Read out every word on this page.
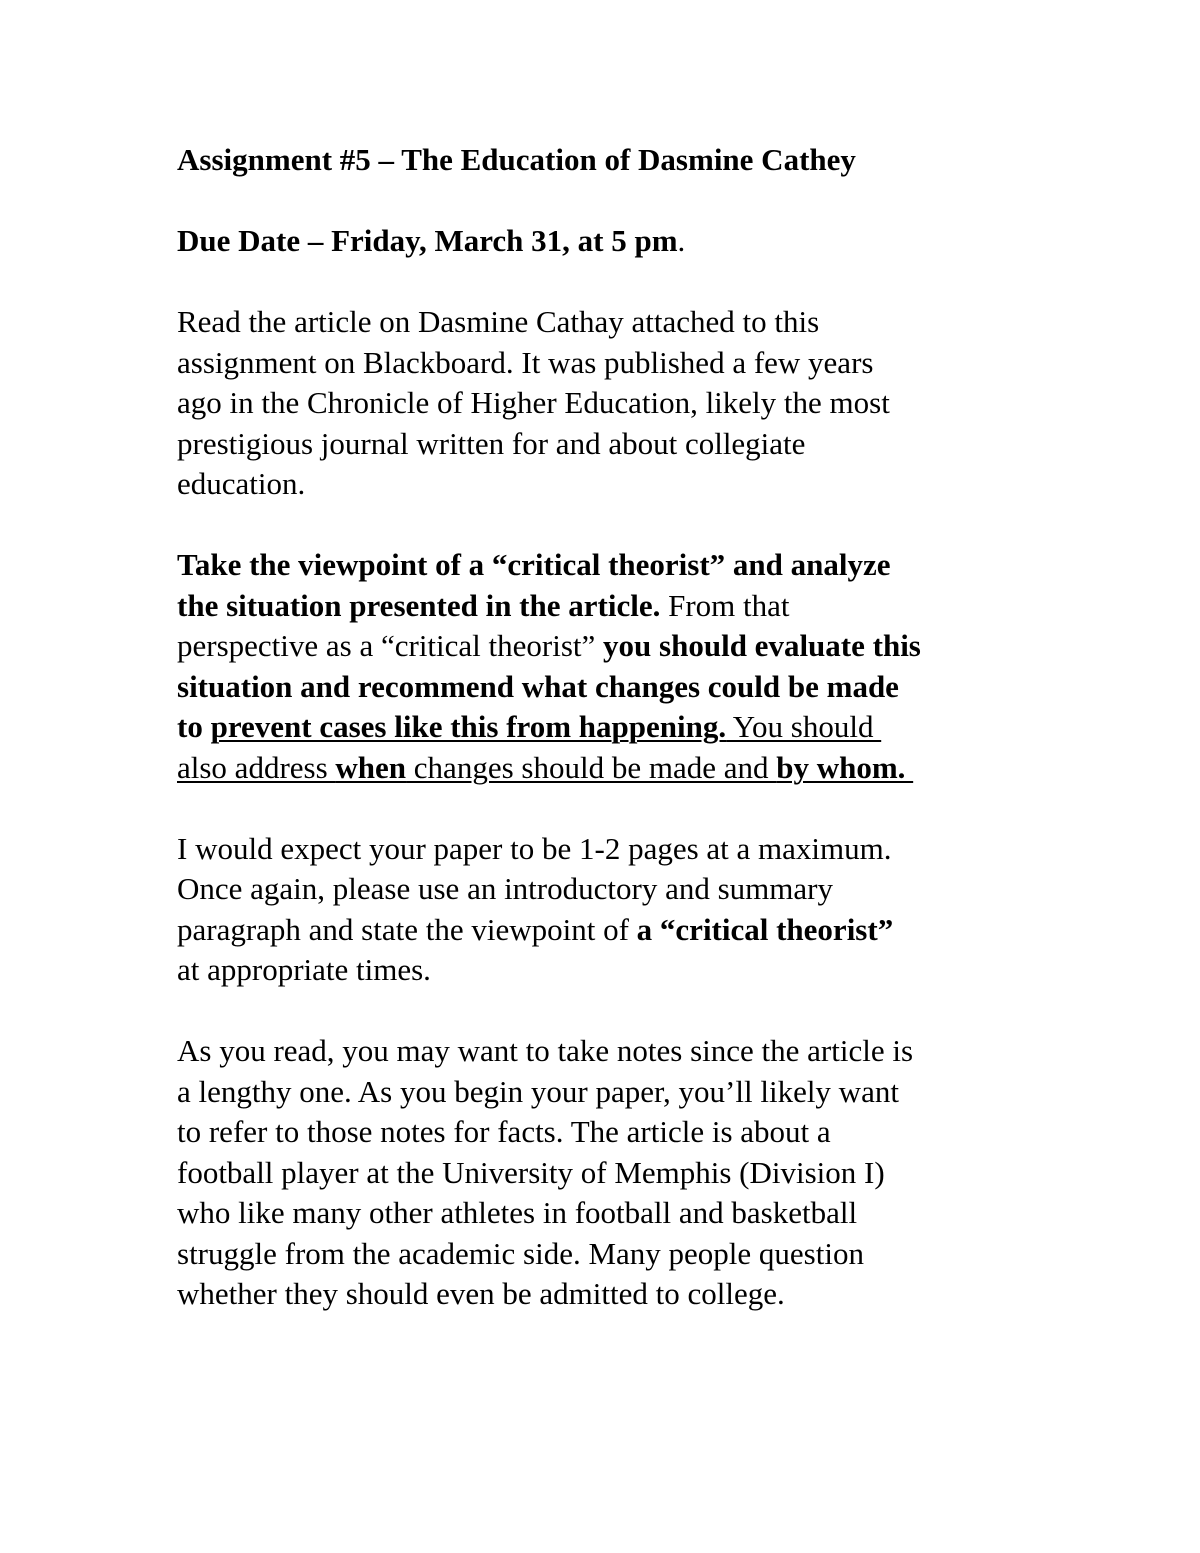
Assignment #5 – The Education of Dasmine Cathey
Due Date – Friday, March 31, at 5 pm.
Read the article on Dasmine Cathay attached to this
assignment on Blackboard. It was published a few years
ago in the Chronicle of Higher Education, likely the most
prestigious journal written for and about collegiate
education.
Take the viewpoint of a “critical theorist” and analyze
the situation presented in the article. From that
perspective as a “critical theorist” you should evaluate this
situation and recommend what changes could be made
to prevent cases like this from happening. You should
also address when changes should be made and by whom.
I would expect your paper to be 1-2 pages at a maximum.
Once again, please use an introductory and summary
paragraph and state the viewpoint of a “critical theorist”
at appropriate times.
As you read, you may want to take notes since the article is
a lengthy one. As you begin your paper, you’ll likely want
to refer to those notes for facts. The article is about a
football player at the University of Memphis (Division I)
who like many other athletes in football and basketball
struggle from the academic side. Many people question
whether they should even be admitted to college.
